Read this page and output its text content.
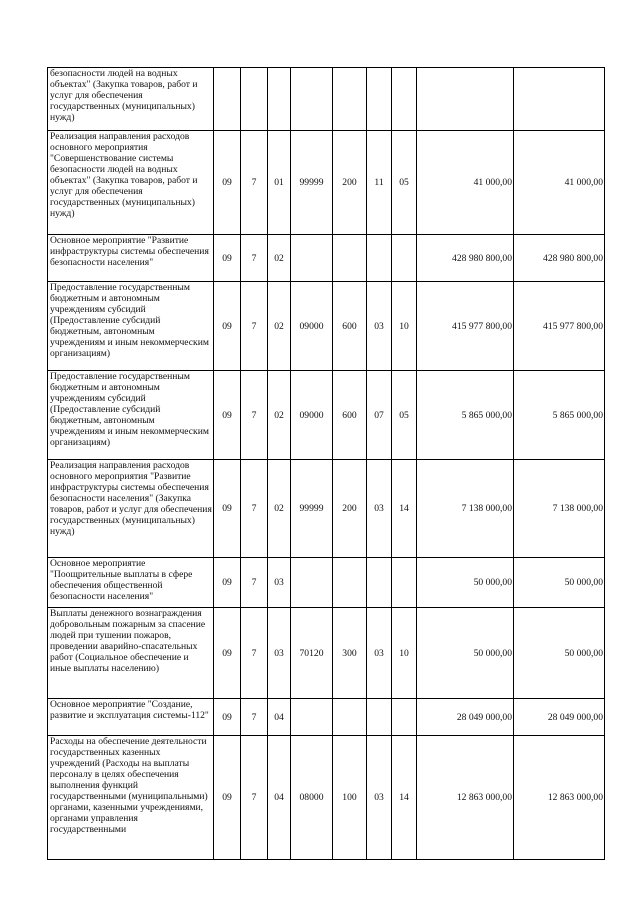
безопасности людей на водных объектах" (Закупка товаров, работ и услуг для обеспечения государственных (муниципальных) нужд)									
Реализация направления расходов основного мероприятия "Совершенствование системы безопасности людей на водных объектах" (Закупка товаров, работ и услуг для обеспечения государственных (муниципальных) нужд)	09	7	01	99999	200	11	05	41 000,00	41 000,00
Основное мероприятие "Развитие инфраструктуры системы обеспечения безопасности населения"	09	7	02					428 980 800,00	428 980 800,00
Предоставление государственным бюджетным и автономным учреждениям субсидий (Предоставление субсидий бюджетным, автономным учреждениям и иным некоммерческим организациям)	09	7	02	09000	600	03	10	415 977 800,00	415 977 800,00
Предоставление государственным бюджетным и автономным учреждениям субсидий (Предоставление субсидий бюджетным, автономным учреждениям и иным некоммерческим организациям)	09	7	02	09000	600	07	05	5 865 000,00	5 865 000,00
Реализация направления расходов основного мероприятия "Развитие инфраструктуры системы обеспечения безопасности населения" (Закупка товаров, работ и услуг для обеспечения государственных (муниципальных) нужд)	09	7	02	99999	200	03	14	7 138 000,00	7 138 000,00
Основное мероприятие "Поощрительные выплаты в сфере обеспечения общественной безопасности населения"	09	7	03					50 000,00	50 000,00
Выплаты денежного вознаграждения добровольным пожарным за спасение людей при тушении пожаров, проведении аварийно-спасательных работ (Социальное обеспечение и иные выплаты населению)	09	7	03	70120	300	03	10	50 000,00	50 000,00
Основное мероприятие "Создание, развитие и эксплуатация системы-112"	09	7	04					28 049 000,00	28 049 000,00
Расходы на обеспечение деятельности государственных казенных учреждений (Расходы на выплаты персоналу в целях обеспечения выполнения функций государственными (муниципальными) органами, казенными учреждениями, органами управления государственными	09	7	04	08000	100	03	14	12 863 000,00	12 863 000,00
